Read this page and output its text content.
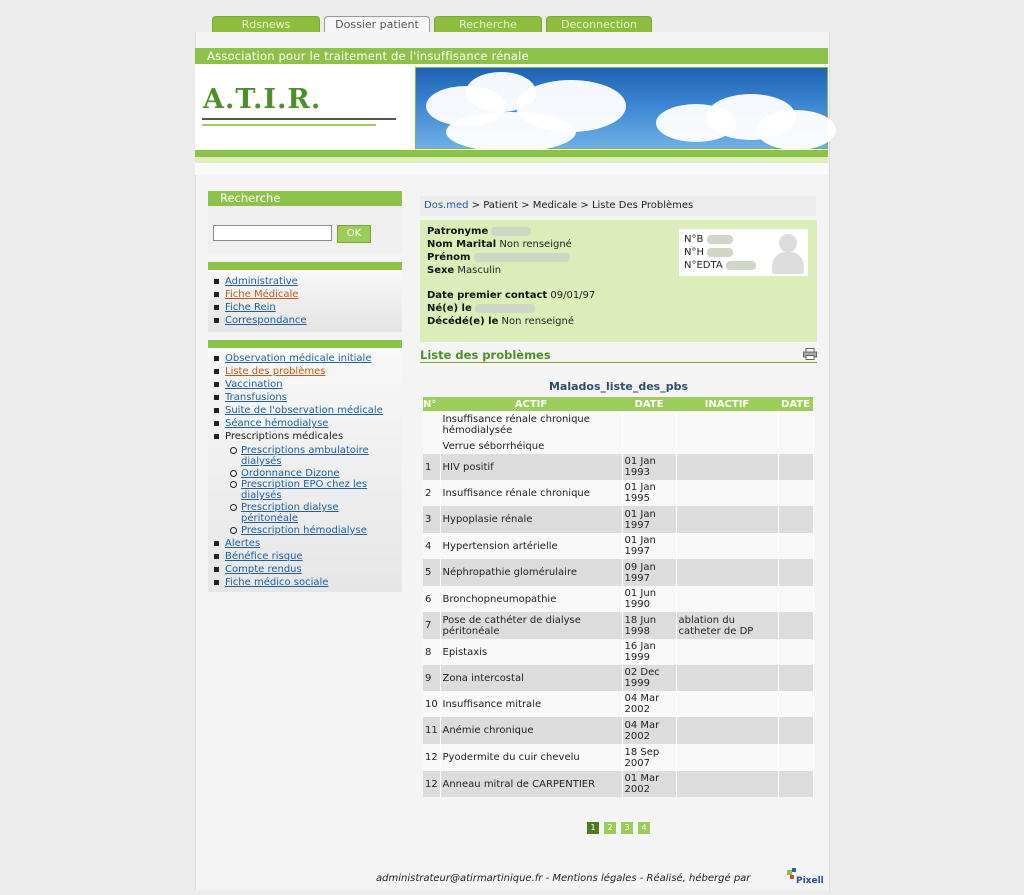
Rdsnews	Dossier patient	Recherche	Deconnection
Association pour le traitement de l'insuffisance rénale
A.T.I.R.
Recherche
OK
Administrative
Fiche Médicale
Fiche Rein
Correspondance
Observation médicale initiale
Liste des problèmes
Vaccination
Transfusions
Suite de l'observation médicale
Séance hémodialyse
Prescriptions médicales
Prescriptions ambulatoire dialysés
Ordonnance Dizone
Prescription EPO chez les dialysés
Prescription dialyse péritonéale
Prescription hémodialyse
Alertes
Bénéfice risque
Compte rendus
Fiche médico sociale
Dos.med > Patient > Medicale > Liste Des Problèmes
Patronyme
Nom Marital Non renseigné
Prénom
Sexe Masculin
Date premier contact 09/01/97
Né(e) le
Décédé(e) le Non renseigné
N°B
N°H
N°EDTA
Liste des problèmes
Malados_liste_des_pbs
N°	ACTIF	DATE	INACTIF	DATE
	Insuffisance rénale chronique hémodialysée			
	Verrue séborrhéique			
1	HIV positif	01 Jan 1993		
2	Insuffisance rénale chronique	01 Jan 1995		
3	Hypoplasie rénale	01 Jan 1997		
4	Hypertension artérielle	01 Jan 1997		
5	Néphropathie glomérulaire	09 Jan 1997		
6	Bronchopneumopathie	01 Jun 1990		
7	Pose de cathéter de dialyse péritonéale	18 Jun 1998	ablation du catheter de DP	
8	Epistaxis	16 Jan 1999		
9	Zona intercostal	02 Dec 1999		
10	Insuffisance mitrale	04 Mar 2002		
11	Anémie chronique	04 Mar 2002		
12	Pyodermite du cuir chevelu	18 Sep 2007		
12	Anneau mitral de CARPENTIER	01 Mar 2002		
1	2	3	4
administrateur@atirmartinique.fr - Mentions légales - Réalisé, hébergé par	Pixell
